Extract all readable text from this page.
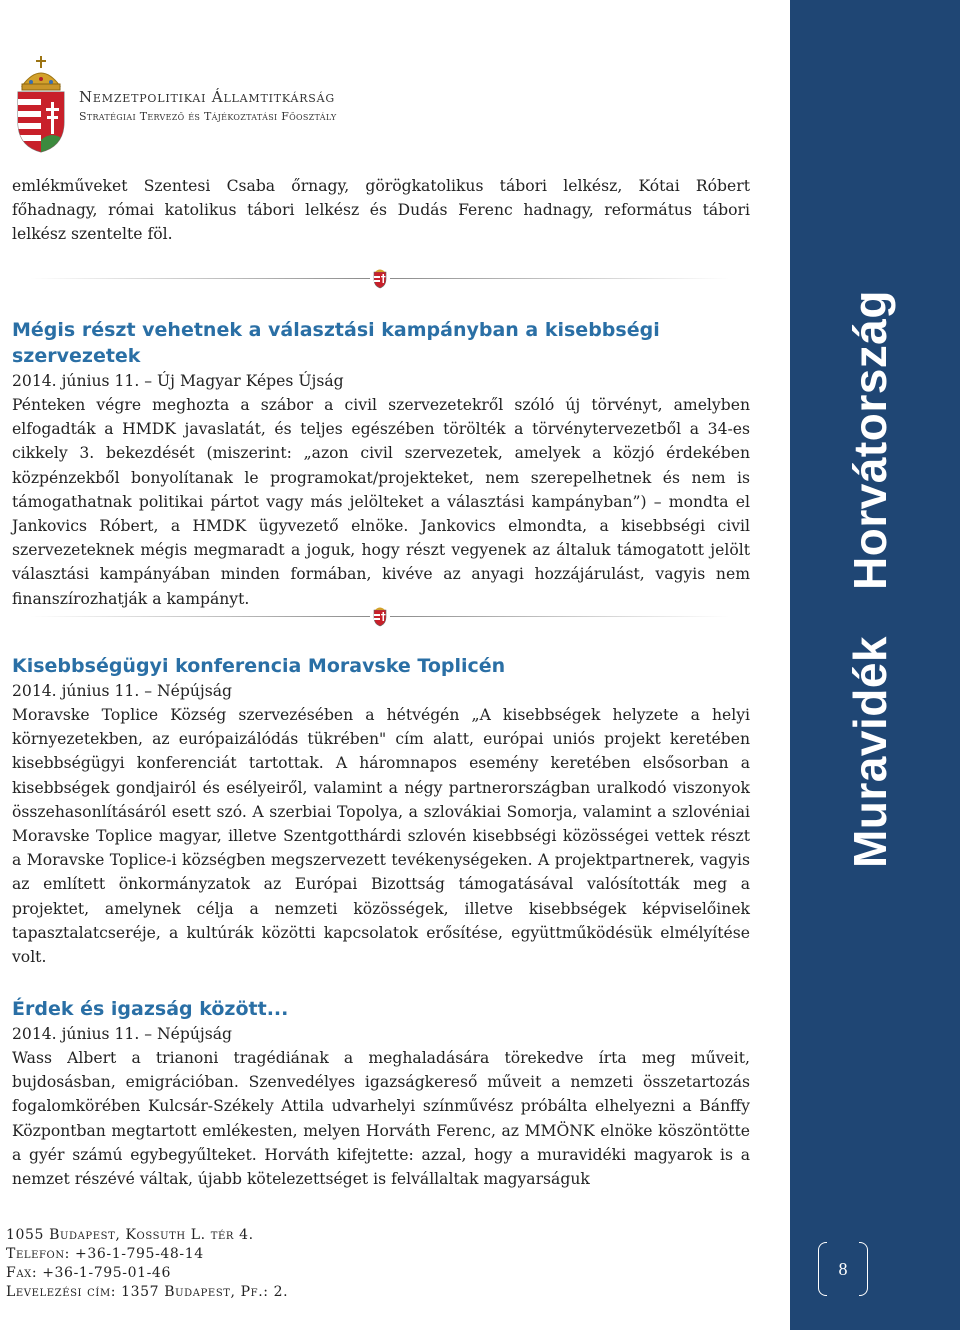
Nemzetpolitikai Államtitkárság
Stratégiai Tervező és Tájékoztatási Főosztály

emlékműveket Szentesi Csaba őrnagy, görögkatolikus tábori lelkész, Kótai Róbert főhadnagy, római katolikus tábori lelkész és Dudás Ferenc hadnagy, református tábori lelkész szentelte föl.

Mégis részt vehetnek a választási kampányban a kisebbségi szervezetek

2014. június 11. – Új Magyar Képes Újság

Pénteken végre meghozta a szábor a civil szervezetekről szóló új törvényt, amelyben elfogadták a HMDK javaslatát, és teljes egészében törölték a törvénytervezetből a 34-es cikkely 3. bekezdését (miszerint: „azon civil szervezetek, amelyek a közjó érdekében közpénzekből bonyolítanak le programokat/projekteket, nem szerepelhetnek és nem is támogathatnak politikai pártot vagy más jelölteket a választási kampányban”) – mondta el Jankovics Róbert, a HMDK ügyvezető elnöke. Jankovics elmondta, a kisebbségi civil szervezeteknek mégis megmaradt a joguk, hogy részt vegyenek az általuk támogatott jelölt választási kampányában minden formában, kivéve az anyagi hozzájárulást, vagyis nem finanszírozhatják a kampányt.

Kisebbségügyi konferencia Moravske Toplicén

2014. június 11. – Népújság

Moravske Toplice Község szervezésében a hétvégén „A kisebbségek helyzete a helyi környezetekben, az európaizálódás tükrében" cím alatt, európai uniós projekt keretében kisebbségügyi konferenciát tartottak. A háromnapos esemény keretében elsősorban a kisebbségek gondjairól és esélyeiről, valamint a négy partnerországban uralkodó viszonyok összehasonlításáról esett szó. A szerbiai Topolya, a szlovákiai Somorja, valamint a szlovéniai Moravske Toplice magyar, illetve Szentgotthárdi szlovén kisebbségi közösségei vettek részt a Moravske Toplice-i községben megszervezett tevékenységeken. A projektpartnerek, vagyis az említett önkormányzatok az Európai Bizottság támogatásával valósították meg a projektet, amelynek célja a nemzeti közösségek, illetve kisebbségek képviselőinek tapasztalatcseréje, a kultúrák közötti kapcsolatok erősítése, együttműködésük elmélyítése volt.

Érdek és igazság között...

2014. június 11. – Népújság

Wass Albert a trianoni tragédiának a meghaladására törekedve írta meg műveit, bujdosásban, emigrációban. Szenvedélyes igazságkereső műveit a nemzeti összetartozás fogalomkörében Kulcsár-Székely Attila udvarhelyi színművész próbálta elhelyezni a Bánffy Központban megtartott emlékesten, melyen Horváth Ferenc, az MMÖNK elnöke köszöntötte a gyér számú egybegyűlteket. Horváth kifejtette: azzal, hogy a muravidéki magyarok is a nemzet részévé váltak, újabb kötelezettséget is felvállaltak magyarságuk

1055 Budapest, Kossuth L. tér 4.
Telefon: +36-1-795-48-14
Fax: +36-1-795-01-46
Levelezési cím: 1357 Budapest, Pf.: 2.
Horvátország
Muravidék
8
